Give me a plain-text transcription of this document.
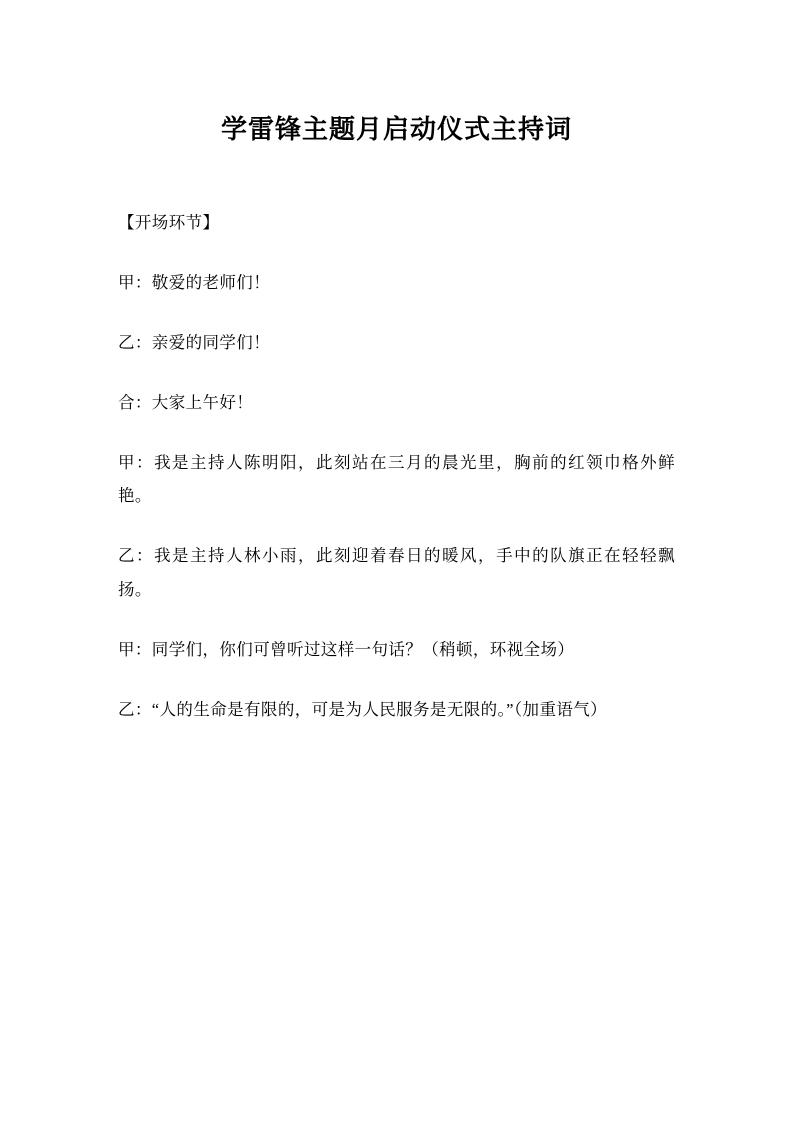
学雷锋主题月启动仪式主持词

【开场环节】

甲：敬爱的老师们！

乙：亲爱的同学们！

合：大家上午好！

甲：我是主持人陈明阳，此刻站在三月的晨光里，胸前的红领巾格外鲜艳。

乙：我是主持人林小雨，此刻迎着春日的暖风，手中的队旗正在轻轻飘扬。

甲：同学们，你们可曾听过这样一句话？（稍顿，环视全场）

乙：“人的生命是有限的，可是为人民服务是无限的。”（加重语气）
